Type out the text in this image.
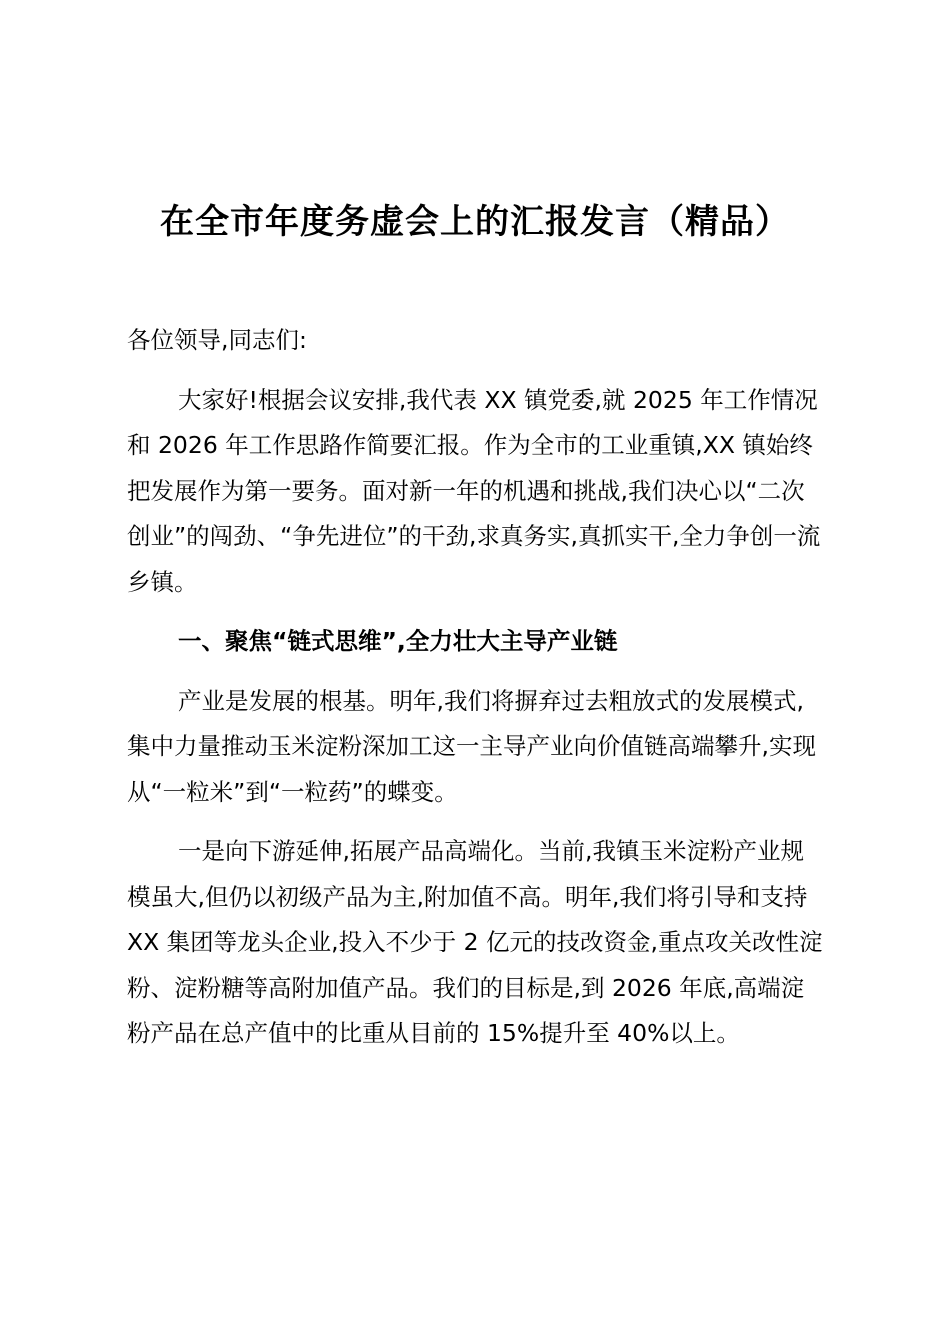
在全市年度务虚会上的汇报发言（精品）

各位领导,同志们:

大家好!根据会议安排,我代表 XX 镇党委,就 2025 年工作情况和 2026 年工作思路作简要汇报。作为全市的工业重镇,XX 镇始终把发展作为第一要务。面对新一年的机遇和挑战,我们决心以“二次创业”的闯劲、“争先进位”的干劲,求真务实,真抓实干,全力争创一流乡镇。

一、聚焦“链式思维”,全力壮大主导产业链

产业是发展的根基。明年,我们将摒弃过去粗放式的发展模式,集中力量推动玉米淀粉深加工这一主导产业向价值链高端攀升,实现从“一粒米”到“一粒药”的蝶变。

一是向下游延伸,拓展产品高端化。当前,我镇玉米淀粉产业规模虽大,但仍以初级产品为主,附加值不高。明年,我们将引导和支持 XX 集团等龙头企业,投入不少于 2 亿元的技改资金,重点攻关改性淀粉、淀粉糖等高附加值产品。我们的目标是,到 2026 年底,高端淀粉产品在总产值中的比重从目前的 15%提升至 40%以上。
